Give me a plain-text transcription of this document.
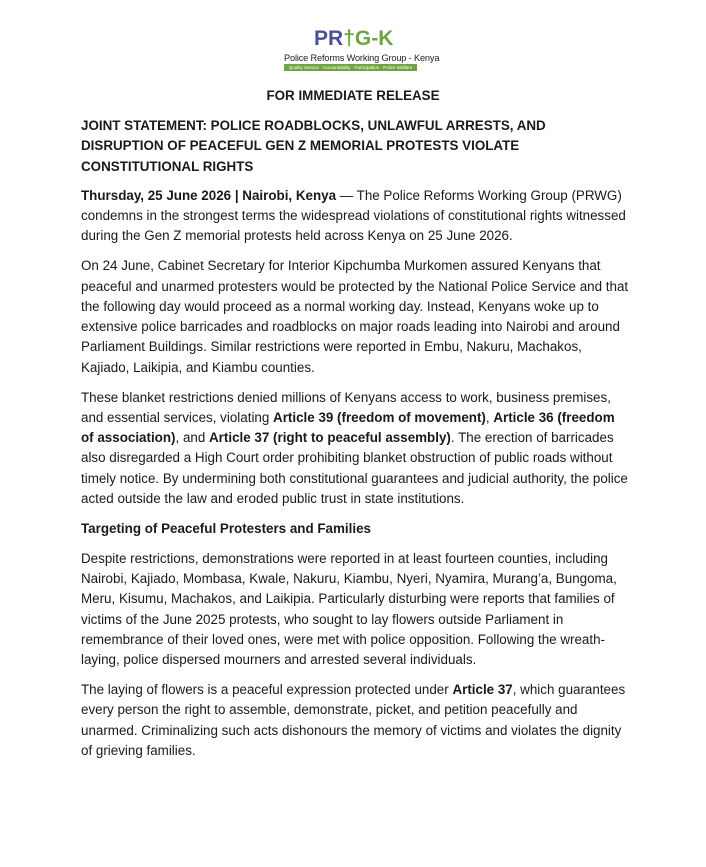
PR†G-K
Police Reforms Working Group - Kenya
Quality Service · Accountability · Participation · Police Welfare
FOR IMMEDIATE RELEASE

JOINT STATEMENT: POLICE ROADBLOCKS, UNLAWFUL ARRESTS, AND DISRUPTION OF PEACEFUL GEN Z MEMORIAL PROTESTS VIOLATE CONSTITUTIONAL RIGHTS

Thursday, 25 June 2026 | Nairobi, Kenya — The Police Reforms Working Group (PRWG) condemns in the strongest terms the widespread violations of constitutional rights witnessed during the Gen Z memorial protests held across Kenya on 25 June 2026.

On 24 June, Cabinet Secretary for Interior Kipchumba Murkomen assured Kenyans that peaceful and unarmed protesters would be protected by the National Police Service and that the following day would proceed as a normal working day. Instead, Kenyans woke up to extensive police barricades and roadblocks on major roads leading into Nairobi and around Parliament Buildings. Similar restrictions were reported in Embu, Nakuru, Machakos, Kajiado, Laikipia, and Kiambu counties.

These blanket restrictions denied millions of Kenyans access to work, business premises, and essential services, violating Article 39 (freedom of movement), Article 36 (freedom of association), and Article 37 (right to peaceful assembly). The erection of barricades also disregarded a High Court order prohibiting blanket obstruction of public roads without timely notice. By undermining both constitutional guarantees and judicial authority, the police acted outside the law and eroded public trust in state institutions.

Targeting of Peaceful Protesters and Families

Despite restrictions, demonstrations were reported in at least fourteen counties, including Nairobi, Kajiado, Mombasa, Kwale, Nakuru, Kiambu, Nyeri, Nyamira, Murang’a, Bungoma, Meru, Kisumu, Machakos, and Laikipia. Particularly disturbing were reports that families of victims of the June 2025 protests, who sought to lay flowers outside Parliament in remembrance of their loved ones, were met with police opposition. Following the wreath-laying, police dispersed mourners and arrested several individuals.

The laying of flowers is a peaceful expression protected under Article 37, which guarantees every person the right to assemble, demonstrate, picket, and petition peacefully and unarmed. Criminalizing such acts dishonours the memory of victims and violates the dignity of grieving families.
